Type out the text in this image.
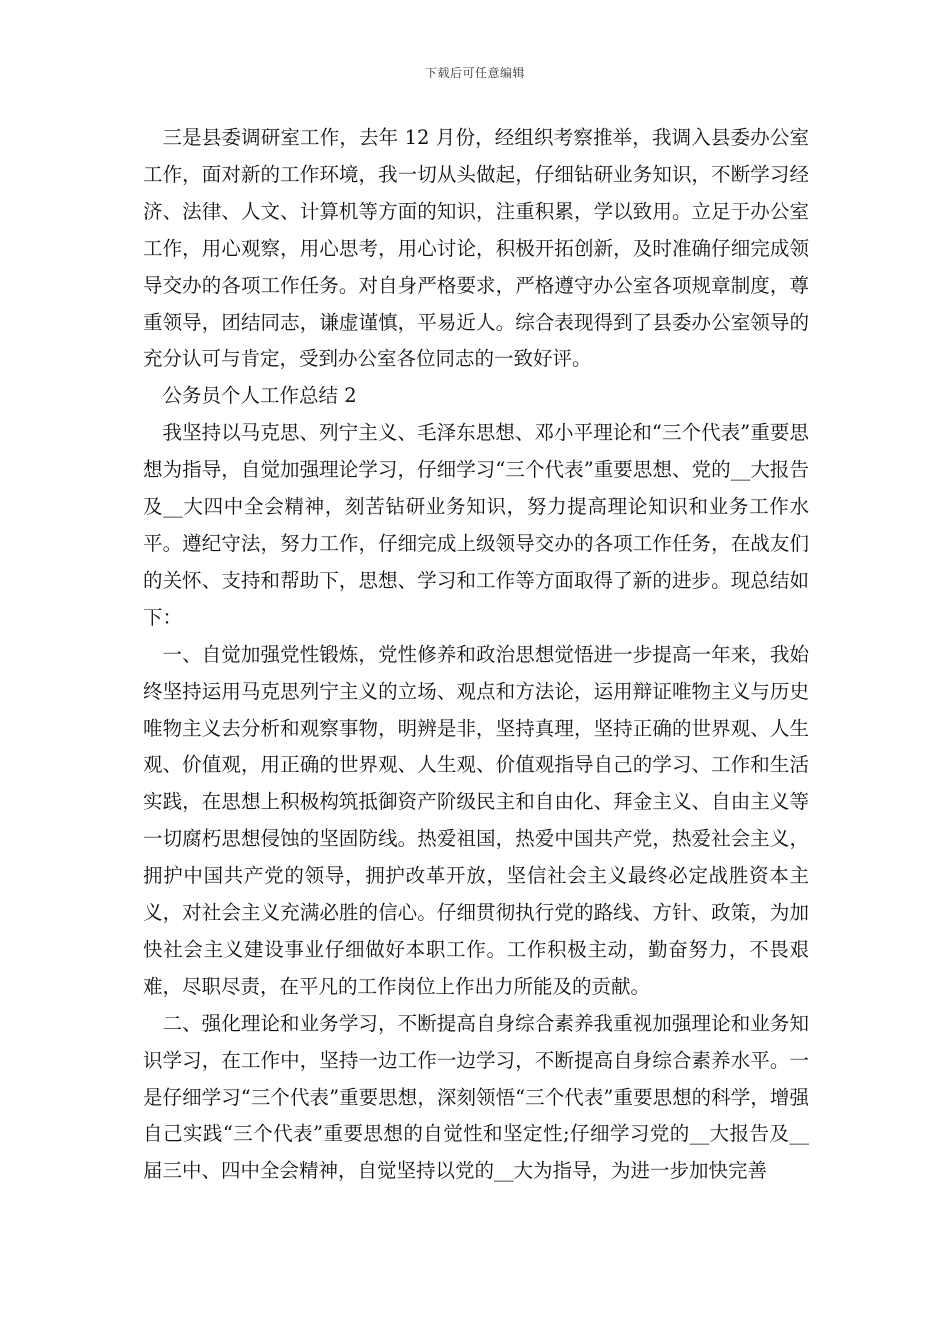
下载后可任意编辑

三是县委调研室工作，去年 12 月份，经组织考察推举，我调入县委办公室工作，面对新的工作环境，我一切从头做起，仔细钻研业务知识，不断学习经济、法律、人文、计算机等方面的知识，注重积累，学以致用。立足于办公室工作，用心观察，用心思考，用心讨论，积极开拓创新，及时准确仔细完成领导交办的各项工作任务。对自身严格要求，严格遵守办公室各项规章制度，尊重领导，团结同志，谦虚谨慎，平易近人。综合表现得到了县委办公室领导的充分认可与肯定，受到办公室各位同志的一致好评。

公务员个人工作总结 2

我坚持以马克思、列宁主义、毛泽东思想、邓小平理论和“三个代表”重要思想为指导，自觉加强理论学习，仔细学习“三个代表”重要思想、党的__大报告及__大四中全会精神，刻苦钻研业务知识，努力提高理论知识和业务工作水平。遵纪守法，努力工作，仔细完成上级领导交办的各项工作任务，在战友们的关怀、支持和帮助下，思想、学习和工作等方面取得了新的进步。现总结如下：

一、自觉加强党性锻炼，党性修养和政治思想觉悟进一步提高一年来，我始终坚持运用马克思列宁主义的立场、观点和方法论，运用辩证唯物主义与历史唯物主义去分析和观察事物，明辨是非，坚持真理，坚持正确的世界观、人生观、价值观，用正确的世界观、人生观、价值观指导自己的学习、工作和生活实践，在思想上积极构筑抵御资产阶级民主和自由化、拜金主义、自由主义等一切腐朽思想侵蚀的坚固防线。热爱祖国，热爱中国共产党，热爱社会主义，拥护中国共产党的领导，拥护改革开放，坚信社会主义最终必定战胜资本主义，对社会主义充满必胜的信心。仔细贯彻执行党的路线、方针、政策，为加快社会主义建设事业仔细做好本职工作。工作积极主动，勤奋努力，不畏艰难，尽职尽责，在平凡的工作岗位上作出力所能及的贡献。

二、强化理论和业务学习，不断提高自身综合素养我重视加强理论和业务知识学习，在工作中，坚持一边工作一边学习，不断提高自身综合素养水平。一是仔细学习“三个代表”重要思想，深刻领悟“三个代表”重要思想的科学，增强自己实践“三个代表”重要思想的自觉性和坚定性;仔细学习党的__大报告及__届三中、四中全会精神，自觉坚持以党的__大为指导，为进一步加快完善
